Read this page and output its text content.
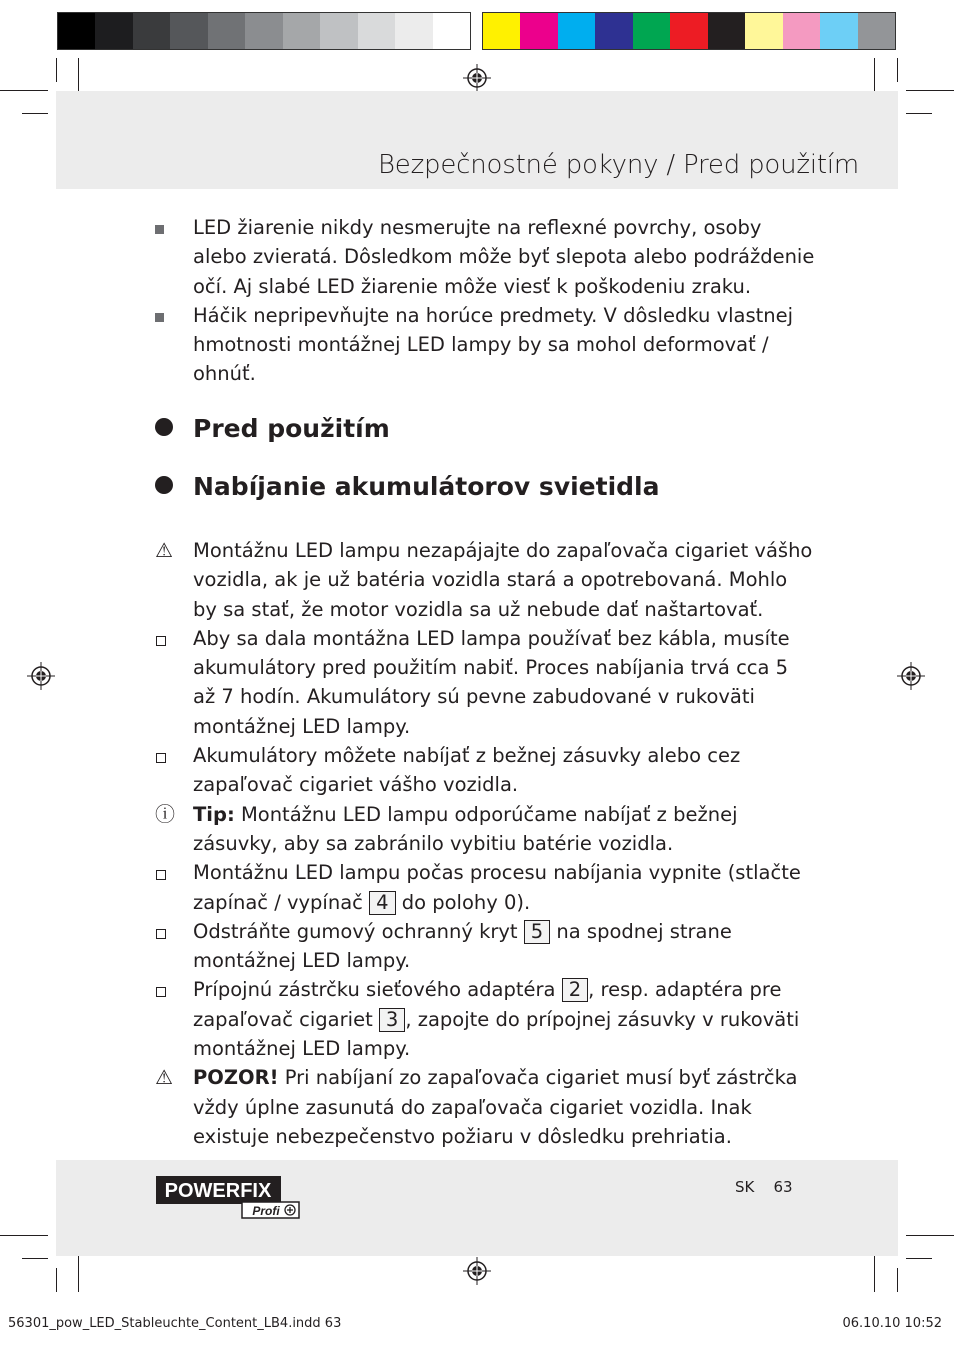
Bezpečnostné pokyny / Pred použitím
LED žiarenie nikdy nesmerujte na reflexné povrchy, osoby alebo zvieratá. Dôsledkom môže byť slepota alebo podráždenie očí. Aj slabé LED žiarenie môže viesť k poškodeniu zraku.
Háčik nepripevňujte na horúce predmety. V dôsledku vlastnej hmotnosti montážnej LED lampy by sa mohol deformovať / ohnúť.
Pred použitím
Nabíjanie akumulátorov svietidla
⚠	Montážnu LED lampu nezapájajte do zapaľovača cigariet vášho vozidla, ak je už batéria vozidla stará a opotrebovaná. Mohlo by sa stať, že motor vozidla sa už nebude dať naštartovať.
Aby sa dala montážna LED lampa používať bez kábla, musíte akumulátory pred použitím nabiť. Proces nabíjania trvá cca 5 až 7 hodín. Akumulátory sú pevne zabudované v rukoväti montážnej LED lampy.
Akumulátory môžete nabíjať z bežnej zásuvky alebo cez zapaľovač cigariet vášho vozidla.
ⓘ Tip: Montážnu LED lampu odporúčame nabíjať z bežnej zásuvky, aby sa zabránilo vybitiu batérie vozidla.
Montážnu LED lampu počas procesu nabíjania vypnite (stlačte zapínač / vypínač 4 do polohy 0).
Odstráňte gumový ochranný kryt 5 na spodnej strane montážnej LED lampy.
Prípojnú zástrčku sieťového adaptéra 2 , resp. adaptéra pre zapaľovač cigariet 3 , zapojte do prípojnej zásuvky v rukoväti montážnej LED lampy.
⚠	POZOR! Pri nabíjaní zo zapaľovača cigariet musí byť zástrčka vždy úplne zasunutá do zapaľovača cigariet vozidla. Inak existuje nebezpečenstvo požiaru v dôsledku prehriatia.
POWERFIX
Profi
SK 63
56301_pow_LED_Stableuchte_Content_LB4.indd 63	06.10.10 10:52
